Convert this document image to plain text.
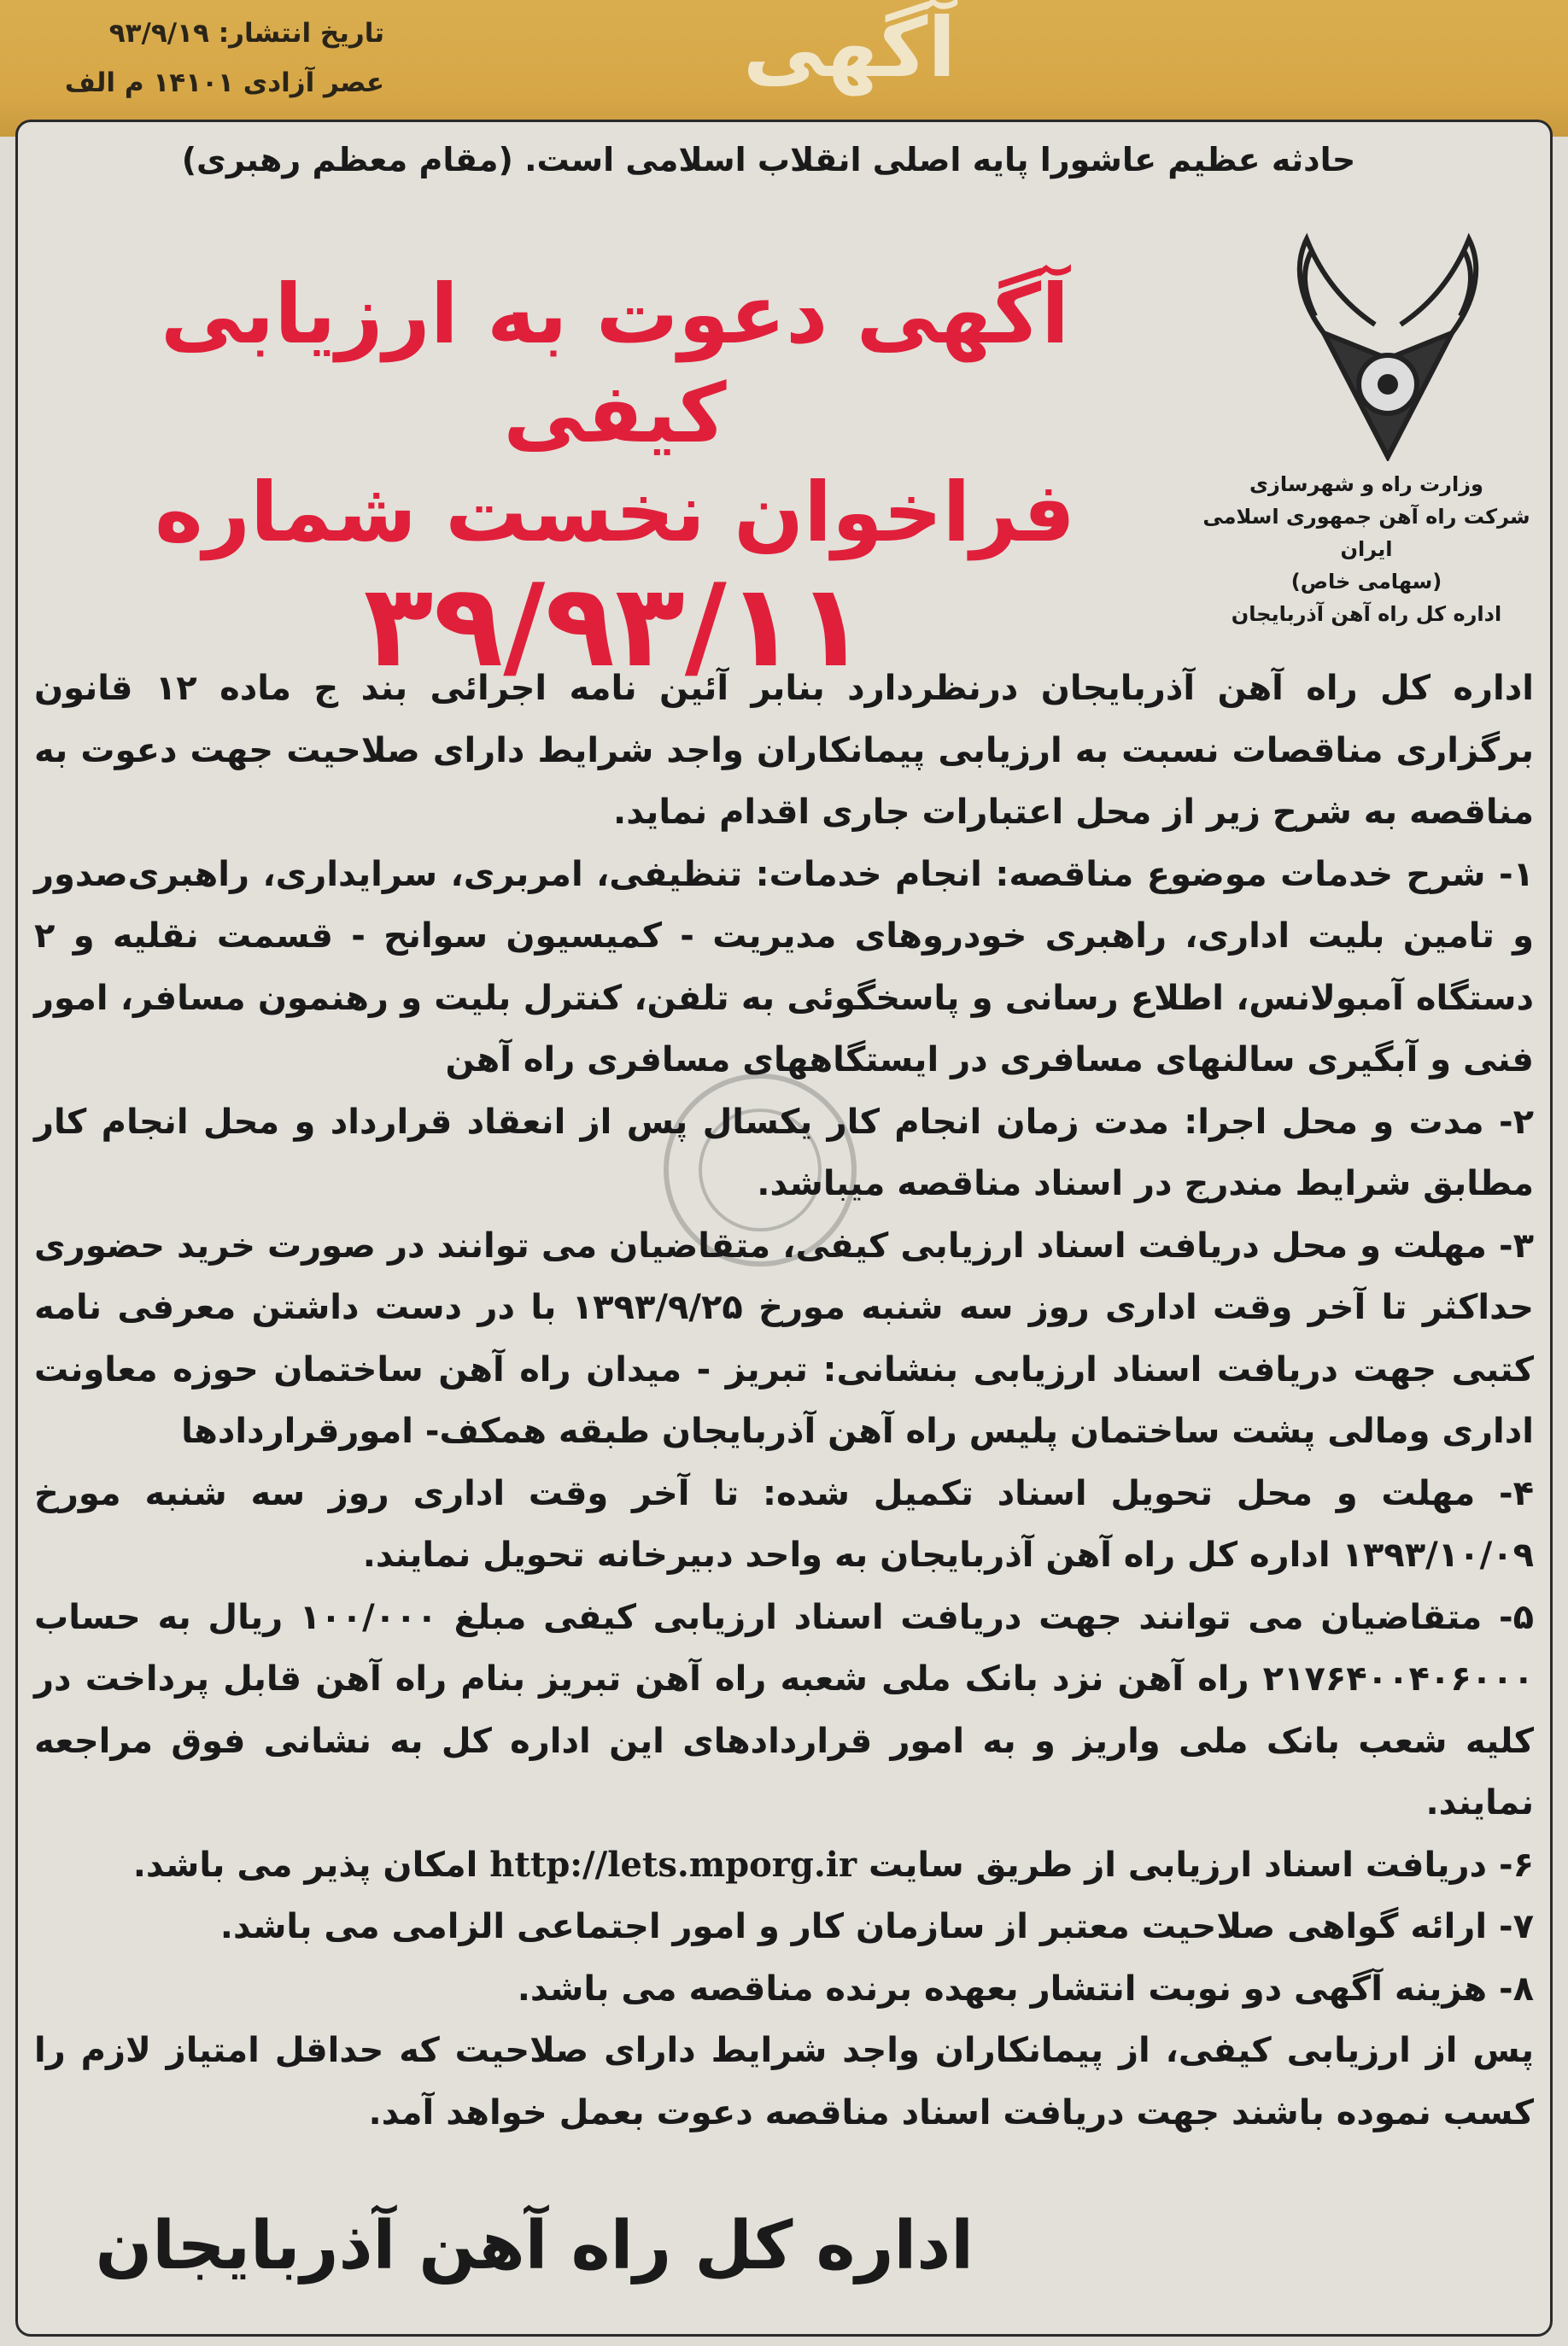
تاریخ انتشار: ۹۳/۹/۱۹
عصر آزادی ۱۴۱۰۱ م الف	آگهی
حادثه عظیم عاشورا پایه اصلی انقلاب اسلامی است. (مقام معظم رهبری)
وزارت راه و شهرسازی
شرکت راه آهن جمهوری اسلامی ایران
(سهامی خاص)
اداره کل راه آهن آذربایجان
آگهی دعوت به ارزیابی کیفی
فراخوان نخست شماره
۳۹/۹۳/۱۱

اداره کل راه آهن آذربایجان درنظردارد بنابر آئین نامه اجرائی بند ج ماده ۱۲ قانون برگزاری مناقصات نسبت به ارزیابی پیمانکاران واجد شرایط دارای صلاحیت جهت دعوت به مناقصه به شرح زیر از محل اعتبارات جاری اقدام نماید.

۱- شرح خدمات موضوع مناقصه: انجام خدمات: تنظیفی، امربری، سرایداری، راهبری‌صدور و تامین بلیت اداری، راهبری خودروهای مدیریت - کمیسیون سوانح - قسمت نقلیه و ۲ دستگاه آمبولانس، اطلاع رسانی و پاسخگوئی به تلفن، کنترل بلیت و رهنمون مسافر، امور فنی و آبگیری سالنهای مسافری در ایستگاههای مسافری راه آهن

۲- مدت و محل اجرا: مدت زمان انجام کار یکسال پس از انعقاد قرارداد و محل انجام کار مطابق شرایط مندرج در اسناد مناقصه میباشد.

۳- مهلت و محل دریافت اسناد ارزیابی کیفی، متقاضیان می توانند در صورت خرید حضوری حداکثر تا آخر وقت اداری روز سه شنبه مورخ ۱۳۹۳/۹/۲۵ با در دست داشتن معرفی نامه کتبی جهت دریافت اسناد ارزیابی بنشانی: تبریز - میدان راه آهن ساختمان حوزه معاونت اداری ومالی پشت ساختمان پلیس راه آهن آذربایجان طبقه همکف- امورقراردادها

۴- مهلت و محل تحویل اسناد تکمیل شده: تا آخر وقت اداری روز سه شنبه مورخ ۱۳۹۳/۱۰/۰۹ اداره کل راه آهن آذربایجان به واحد دبیرخانه تحویل نمایند.

۵- متقاضیان می توانند جهت دریافت اسناد ارزیابی کیفی مبلغ ۱۰۰/۰۰۰ ریال به حساب ۲۱۷۶۴۰۰۴۰۶۰۰۰ راه آهن نزد بانک ملی شعبه راه آهن تبریز بنام راه آهن قابل پرداخت در کلیه شعب بانک ملی واریز و به امور قراردادهای این اداره کل به نشانی فوق مراجعه نمایند.

۶- دریافت اسناد ارزیابی از طریق سایت http://lets.mporg.ir امکان پذیر می باشد.

۷- ارائه گواهی صلاحیت معتبر از سازمان کار و امور اجتماعی الزامی می باشد.

۸- هزینه آگهی دو نوبت انتشار بعهده برنده مناقصه می باشد.

پس از ارزیابی کیفی، از پیمانکاران واجد شرایط دارای صلاحیت که حداقل امتیاز لازم را کسب نموده باشند جهت دریافت اسناد مناقصه دعوت بعمل خواهد آمد.

اداره کل راه آهن آذربایجان
